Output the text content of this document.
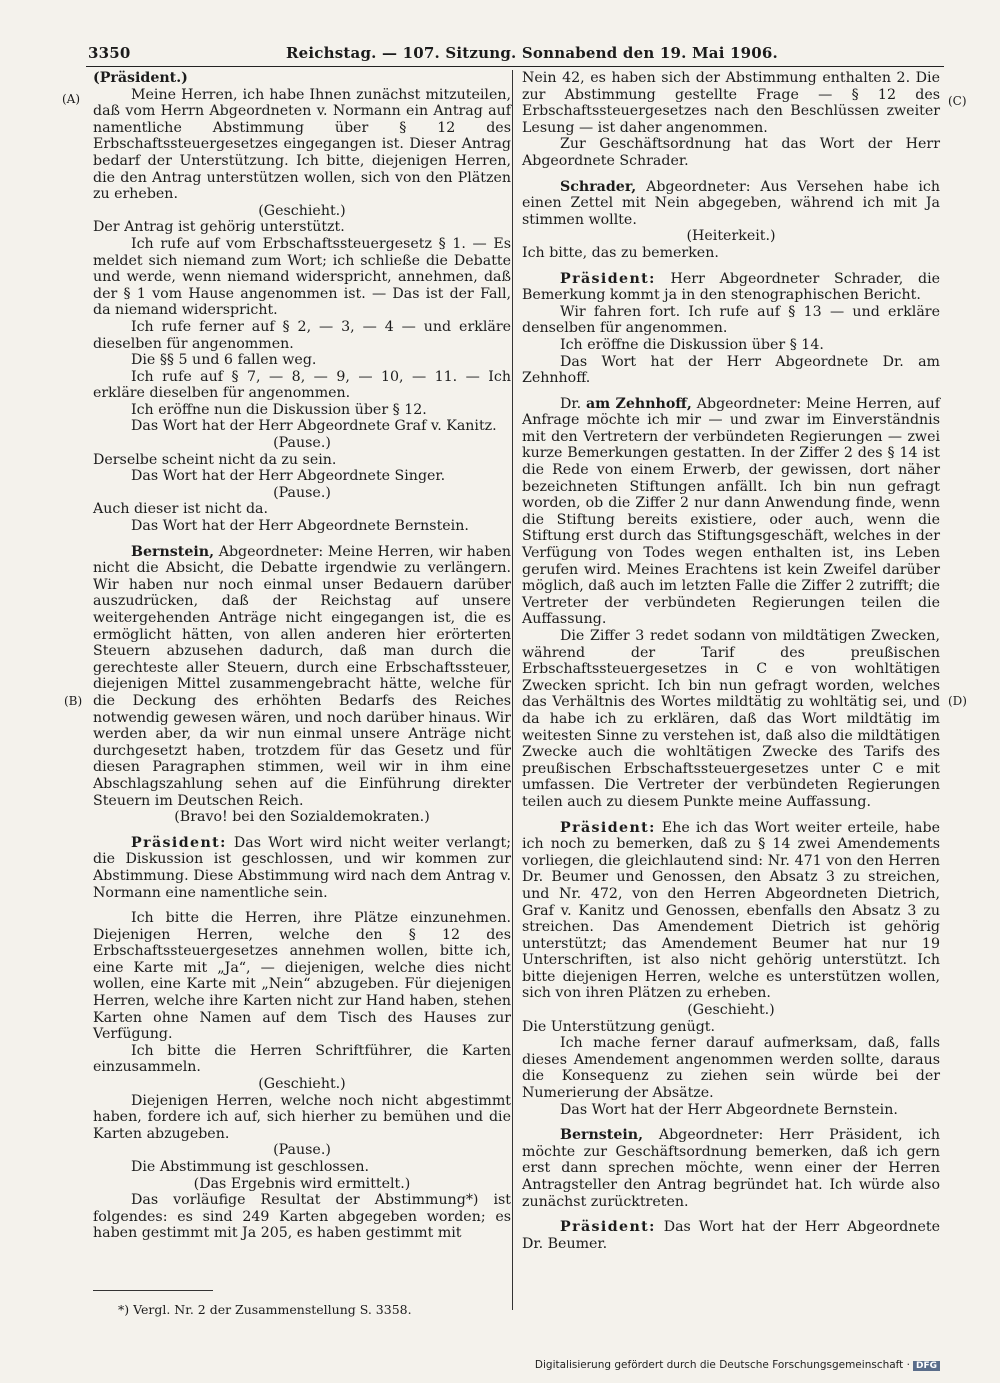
3350	Reichstag. — 107. Sitzung. Sonnabend den 19. Mai 1906.
(A)
(B)
(C)
(D)

(Präsident.)

Meine Herren, ich habe Ihnen zunächst mitzuteilen, daß vom Herrn Abgeordneten v. Normann ein Antrag auf namentliche Abstimmung über § 12 des Erbschaftssteuergesetzes eingegangen ist. Dieser Antrag bedarf der Unterstützung. Ich bitte, diejenigen Herren, die den Antrag unterstützen wollen, sich von den Plätzen zu erheben.

(Geschieht.)

Der Antrag ist gehörig unterstützt.

Ich rufe auf vom Erbschaftssteuergesetz § 1. — Es meldet sich niemand zum Wort; ich schließe die Debatte und werde, wenn niemand widerspricht, annehmen, daß der § 1 vom Hause angenommen ist. — Das ist der Fall, da niemand widerspricht.

Ich rufe ferner auf § 2, — 3, — 4 — und erkläre dieselben für angenommen.

Die §§ 5 und 6 fallen weg.

Ich rufe auf § 7, — 8, — 9, — 10, — 11. — Ich erkläre dieselben für angenommen.

Ich eröffne nun die Diskussion über § 12.

Das Wort hat der Herr Abgeordnete Graf v. Kanitz.

(Pause.)

Derselbe scheint nicht da zu sein.

Das Wort hat der Herr Abgeordnete Singer.

(Pause.)

Auch dieser ist nicht da.

Das Wort hat der Herr Abgeordnete Bernstein.

Bernstein, Abgeordneter: Meine Herren, wir haben nicht die Absicht, die Debatte irgendwie zu verlängern. Wir haben nur noch einmal unser Bedauern darüber auszudrücken, daß der Reichstag auf unsere weitergehenden Anträge nicht eingegangen ist, die es ermöglicht hätten, von allen anderen hier erörterten Steuern abzusehen dadurch, daß man durch die gerechteste aller Steuern, durch eine Erbschaftssteuer, diejenigen Mittel zusammengebracht hätte, welche für die Deckung des erhöhten Bedarfs des Reiches notwendig gewesen wären, und noch darüber hinaus. Wir werden aber, da wir nun einmal unsere Anträge nicht durchgesetzt haben, trotzdem für das Gesetz und für diesen Paragraphen stimmen, weil wir in ihm eine Abschlagszahlung sehen auf die Einführung direkter Steuern im Deutschen Reich.

(Bravo! bei den Sozialdemokraten.)

Präsident: Das Wort wird nicht weiter verlangt; die Diskussion ist geschlossen, und wir kommen zur Abstimmung. Diese Abstimmung wird nach dem Antrag v. Normann eine namentliche sein.

Ich bitte die Herren, ihre Plätze einzunehmen. Diejenigen Herren, welche den § 12 des Erbschaftssteuergesetzes annehmen wollen, bitte ich, eine Karte mit „Ja“, — diejenigen, welche dies nicht wollen, eine Karte mit „Nein“ abzugeben. Für diejenigen Herren, welche ihre Karten nicht zur Hand haben, stehen Karten ohne Namen auf dem Tisch des Hauses zur Verfügung.

Ich bitte die Herren Schriftführer, die Karten einzusammeln.

(Geschieht.)

Diejenigen Herren, welche noch nicht abgestimmt haben, fordere ich auf, sich hierher zu bemühen und die Karten abzugeben.

(Pause.)

Die Abstimmung ist geschlossen.

(Das Ergebnis wird ermittelt.)

Das vorläufige Resultat der Abstimmung*) ist folgendes: es sind 249 Karten abgegeben worden; es haben gestimmt mit Ja 205, es haben gestimmt mit

Nein 42, es haben sich der Abstimmung enthalten 2. Die zur Abstimmung gestellte Frage — § 12 des Erbschaftssteuergesetzes nach den Beschlüssen zweiter Lesung — ist daher angenommen.

Zur Geschäftsordnung hat das Wort der Herr Abgeordnete Schrader.

Schrader, Abgeordneter: Aus Versehen habe ich einen Zettel mit Nein abgegeben, während ich mit Ja stimmen wollte.

(Heiterkeit.)

Ich bitte, das zu bemerken.

Präsident: Herr Abgeordneter Schrader, die Bemerkung kommt ja in den stenographischen Bericht.

Wir fahren fort. Ich rufe auf § 13 — und erkläre denselben für angenommen.

Ich eröffne die Diskussion über § 14.

Das Wort hat der Herr Abgeordnete Dr. am Zehnhoff.

Dr. am Zehnhoff, Abgeordneter: Meine Herren, auf Anfrage möchte ich mir — und zwar im Einverständnis mit den Vertretern der verbündeten Regierungen — zwei kurze Bemerkungen gestatten. In der Ziffer 2 des § 14 ist die Rede von einem Erwerb, der gewissen, dort näher bezeichneten Stiftungen anfällt. Ich bin nun gefragt worden, ob die Ziffer 2 nur dann Anwendung finde, wenn die Stiftung bereits existiere, oder auch, wenn die Stiftung erst durch das Stiftungsgeschäft, welches in der Verfügung von Todes wegen enthalten ist, ins Leben gerufen wird. Meines Erachtens ist kein Zweifel darüber möglich, daß auch im letzten Falle die Ziffer 2 zutrifft; die Vertreter der verbündeten Regierungen teilen die Auffassung.

Die Ziffer 3 redet sodann von mildtätigen Zwecken, während der Tarif des preußischen Erbschaftssteuergesetzes in C e von wohltätigen Zwecken spricht. Ich bin nun gefragt worden, welches das Verhältnis des Wortes mildtätig zu wohltätig sei, und da habe ich zu erklären, daß das Wort mildtätig im weitesten Sinne zu verstehen ist, daß also die mildtätigen Zwecke auch die wohltätigen Zwecke des Tarifs des preußischen Erbschaftssteuergesetzes unter C e mit umfassen. Die Vertreter der verbündeten Regierungen teilen auch zu diesem Punkte meine Auffassung.

Präsident: Ehe ich das Wort weiter erteile, habe ich noch zu bemerken, daß zu § 14 zwei Amendements vorliegen, die gleichlautend sind: Nr. 471 von den Herren Dr. Beumer und Genossen, den Absatz 3 zu streichen, und Nr. 472, von den Herren Abgeordneten Dietrich, Graf v. Kanitz und Genossen, ebenfalls den Absatz 3 zu streichen. Das Amendement Dietrich ist gehörig unterstützt; das Amendement Beumer hat nur 19 Unterschriften, ist also nicht gehörig unterstützt. Ich bitte diejenigen Herren, welche es unterstützen wollen, sich von ihren Plätzen zu erheben.

(Geschieht.)

Die Unterstützung genügt.

Ich mache ferner darauf aufmerksam, daß, falls dieses Amendement angenommen werden sollte, daraus die Konsequenz zu ziehen sein würde bei der Numerierung der Absätze.

Das Wort hat der Herr Abgeordnete Bernstein.

Bernstein, Abgeordneter: Herr Präsident, ich möchte zur Geschäftsordnung bemerken, daß ich gern erst dann sprechen möchte, wenn einer der Herren Antragsteller den Antrag begründet hat. Ich würde also zunächst zurücktreten.

Präsident: Das Wort hat der Herr Abgeordnete Dr. Beumer.

*) Vergl. Nr. 2 der Zusammenstellung S. 3358.
Digitalisierung gefördert durch die Deutsche Forschungsgemeinschaft · DFG
